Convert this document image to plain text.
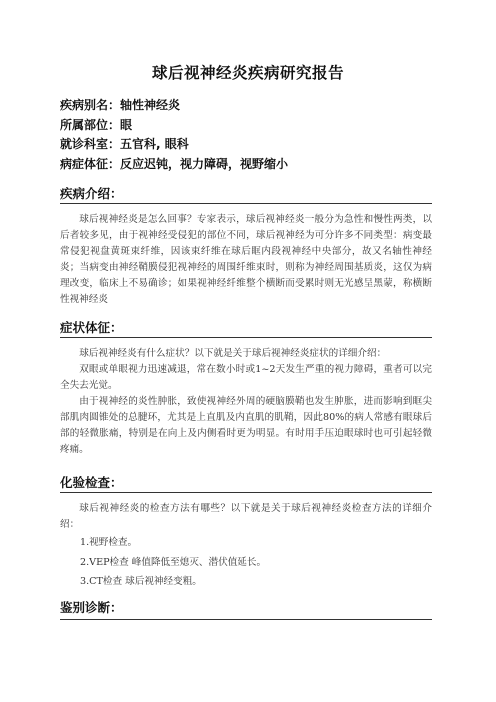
球后视神经炎疾病研究报告
疾病别名：轴性神经炎
所属部位：眼
就诊科室：五官科, 眼科
病症体征：反应迟钝，视力障碍，视野缩小
疾病介绍：

球后视神经炎是怎么回事？专家表示，球后视神经炎一般分为急性和慢性两类，以后者较多见，由于视神经受侵犯的部位不同，球后视神经为可分许多不同类型：病变最常侵犯视盘黄斑束纤维，因该束纤维在球后眶内段视神经中央部分，故又名轴性神经炎；当病变由神经鞘膜侵犯视神经的周围纤维束时，则称为神经周围基质炎，这仅为病理改变，临床上不易确诊；如果视神经纤维整个横断而受累时则无光感呈黑蒙，称横断性视神经炎

症状体征：

球后视神经炎有什么症状？以下就是关于球后视神经炎症状的详细介绍：

双眼或单眼视力迅速减退，常在数小时或1~2天发生严重的视力障碍，重者可以完全失去光觉。

由于视神经的炎性肿胀，致使视神经外周的硬脑膜鞘也发生肿胀，进而影响到眶尖部肌肉圆锥处的总腱环，尤其是上直肌及内直肌的肌鞘，因此80%的病人常感有眼球后部的轻微胀痛，特别是在向上及内侧看时更为明显。有时用手压迫眼球时也可引起轻微疼痛。

化验检查：

球后视神经炎的检查方法有哪些？以下就是关于球后视神经炎检查方法的详细介绍：

1.视野检查。
2.VEP检查 峰值降低至熄灭、潜伏值延长。
3.CT检查 球后视神经变粗。
鉴别诊断：
